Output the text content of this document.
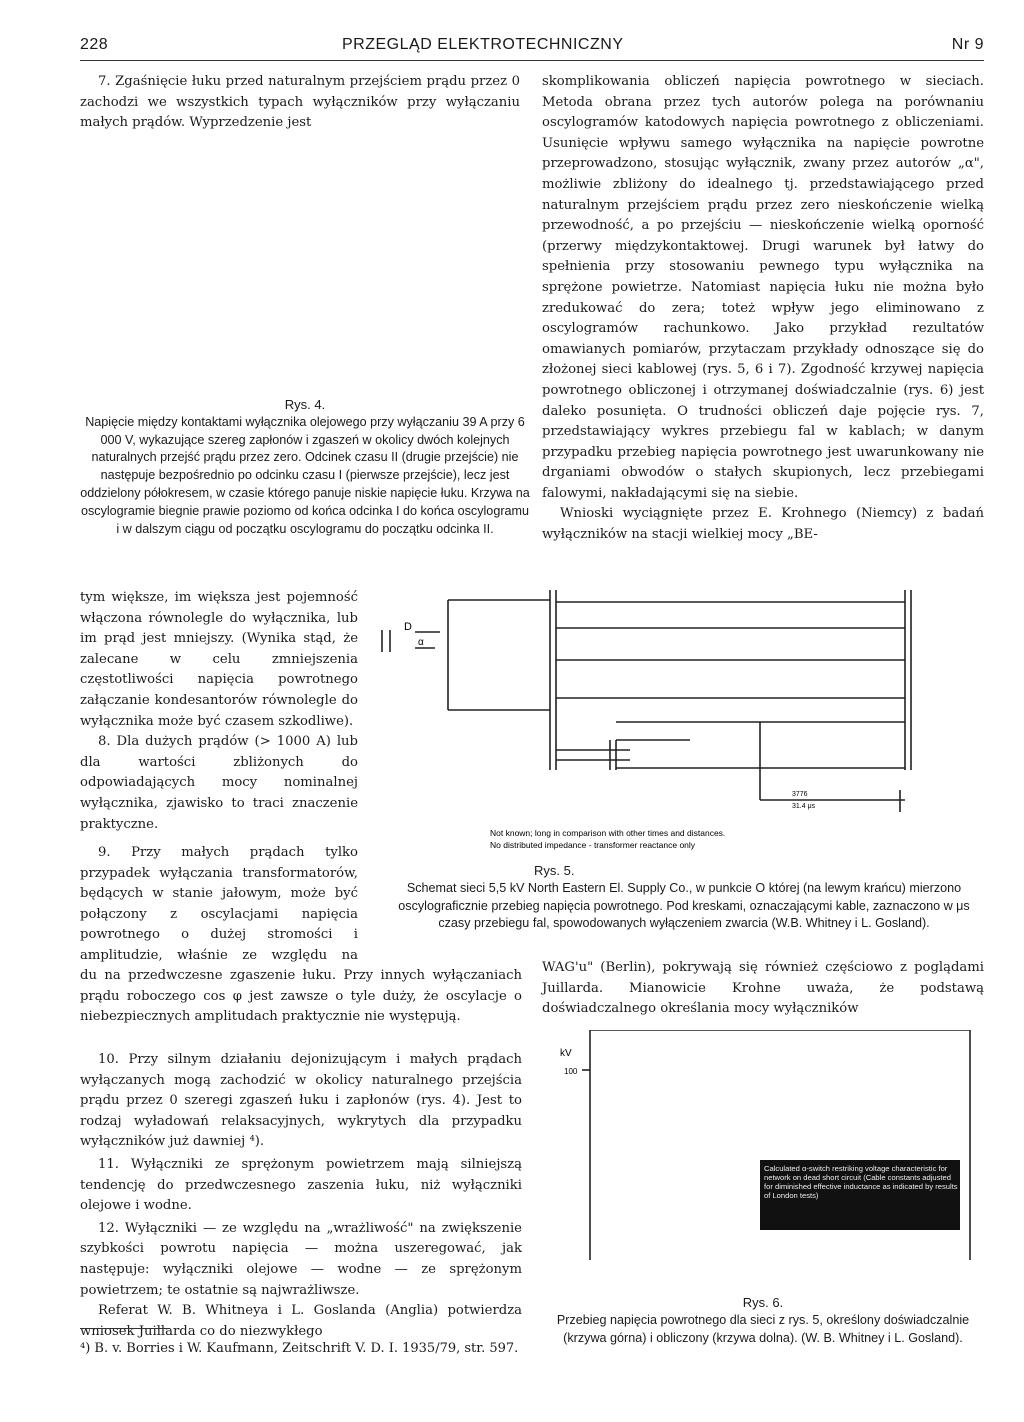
228	PRZEGLĄD ELEKTROTECHNICZNY	Nr 9

7. Zgaśnięcie łuku przed naturalnym przejściem prądu przez 0 zachodzi we wszystkich typach wyłączników przy wyłączaniu małych prądów. Wyprzedzenie jest

Rys. 4.

Napięcie między kontaktami wyłącznika olejowego przy wyłączaniu 39 A przy 6 000 V, wykazujące szereg zapłonów i zgaszeń w okolicy dwóch kolejnych naturalnych przejść prądu przez zero. Odcinek czasu II (drugie przejście) nie następuje bezpośrednio po odcinku czasu I (pierwsze przejście), lecz jest oddzielony półokresem, w czasie którego panuje niskie napięcie łuku. Krzywa na oscylogramie biegnie prawie poziomo od końca odcinka I do końca oscylogramu i w dalszym ciągu od początku oscylogramu do początku odcinka II.

skomplikowania obliczeń napięcia powrotnego w sieciach. Metoda obrana przez tych autorów polega na porównaniu oscylogramów katodowych napięcia powrotnego z obliczeniami. Usunięcie wpływu samego wyłącznika na napięcie powrotne przeprowadzono, stosując wyłącznik, zwany przez autorów „α", możliwie zbliżony do idealnego tj. przedstawiającego przed naturalnym przejściem prądu przez zero nieskończenie wielką przewodność, a po przejściu — nieskończenie wielką oporność (przerwy międzykontaktowej. Drugi warunek był łatwy do spełnienia przy stosowaniu pewnego typu wyłącznika na sprężone powietrze. Natomiast napięcia łuku nie można było zredukować do zera; toteż wpływ jego eliminowano z oscylogramów rachunkowo. Jako przykład rezultatów omawianych pomiarów, przytaczam przykłady odnoszące się do złożonej sieci kablowej (rys. 5, 6 i 7). Zgodność krzywej napięcia powrotnego obliczonej i otrzymanej doświadczalnie (rys. 6) jest daleko posunięta. O trudności obliczeń daje pojęcie rys. 7, przedstawiający wykres przebiegu fal w kablach; w danym przypadku przebieg napięcia powrotnego jest uwarunkowany nie drganiami obwodów o stałych skupionych, lecz przebiegami falowymi, nakładającymi się na siebie.

Wnioski wyciągnięte przez E. Krohnego (Niemcy) z badań wyłączników na stacji wielkiej mocy „BE-

tym większe, im większa jest pojemność włączona równolegle do wyłącznika, lub im prąd jest mniejszy. (Wynika stąd, że zalecane w celu zmniejszenia częstotliwości napięcia powrotnego załączanie kondesantorów równolegle do wyłącznika może być czasem szkodliwe).

8. Dla dużych prądów (> 1000 A) lub dla wartości zbliżonych do odpowiadających mocy nominalnej wyłącznika, zjawisko to traci znaczenie praktyczne.

9. Przy małych prądach tylko przypadek wyłączania transformatorów, będących w stanie jałowym, może być połączony z oscylacjami napięcia powrotnego o dużej stromości i amplitudzie, właśnie ze względu na

du na przedwczesne zgaszenie łuku. Przy innych wyłączaniach prądu roboczego cos φ jest zawsze o tyle duży, że oscylacje o niebezpiecznych amplitudach praktycznie nie występują.

10. Przy silnym działaniu dejonizującym i małych prądach wyłączanych mogą zachodzić w okolicy naturalnego przejścia prądu przez 0 szeregi zgaszeń łuku i zapłonów (rys. 4). Jest to rodzaj wyładowań relaksacyjnych, wykrytych dla przypadku wyłączników już dawniej ⁴).

11. Wyłączniki ze sprężonym powietrzem mają silniejszą tendencję do przedwczesnego zaszenia łuku, niż wyłączniki olejowe i wodne.

12. Wyłączniki — ze względu na „wrażliwość" na zwiększenie szybkości powrotu napięcia — można uszeregować, jak następuje: wyłączniki olejowe — wodne — ze sprężonym powietrzem; te ostatnie są najwrażliwsze.

Referat W. B. Whitneya i L. Goslanda (Anglia) potwierdza wniosek Juillarda co do niezwykłego

⁴) B. v. Borries i W. Kaufmann, Zeitschrift V. D. I. 1935/79, str. 597.
D
α
3776
31.4 μs
Not known; long in comparison with other times and distances.
No distributed impedance - transformer reactance only

Rys. 5.

Schemat sieci 5,5 kV North Eastern El. Supply Co., w punkcie O której (na lewym krańcu) mierzono oscylograficznie przebieg napięcia powrotnego. Pod kreskami, oznaczającymi kable, zaznaczono w μs czasy przebiegu fal, spowodowanych wyłączeniem zwarcia (W.B. Whitney i L. Gosland).

WAG'u" (Berlin), pokrywają się również częściowo z poglądami Juillarda. Mianowicie Krohne uważa, że podstawą doświadczalnego określania mocy wyłączników

kV
100
Calculated α-switch restriking voltage characteristic for network on dead short circuit (Cable constants adjusted for diminished effective inductance as indicated by results of London tests)

Rys. 6.

Przebieg napięcia powrotnego dla sieci z rys. 5, określony doświadczalnie (krzywa górna) i obliczony (krzywa dolna). (W. B. Whitney i L. Gosland).
